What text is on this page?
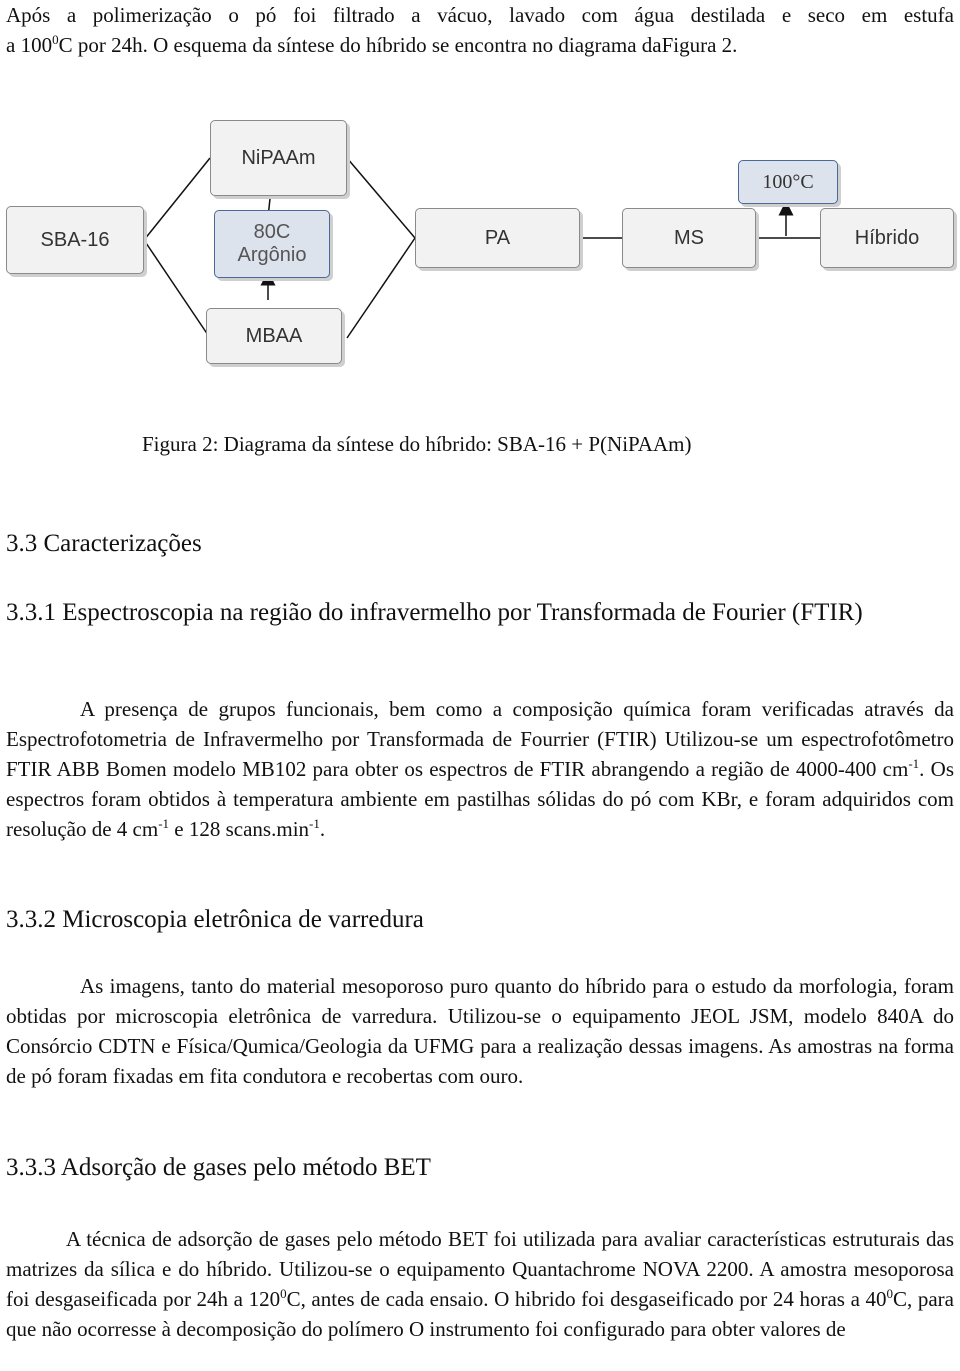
Após a polimerização o pó foi filtrado a vácuo, lavado com água destilada e seco em estufa

a $100^0C$ por 24h. O esquema da síntese do híbrido se encontra no diagrama daFigura 2.

SBA-16
NiPAAm
80C
Argônio
MBAA
PA	MS
100°C
Híbrido
Figura 2: Diagrama da síntese do híbrido: SBA-16 + P(NiPAAm)
3.3 Caracterizações
3.3.1 Espectroscopia na região do infravermelho por Transformada de Fourier (FTIR)

A presença de grupos funcionais, bem como a composição química foram verificadas através da Espectrofotometria de Infravermelho por Transformada de Fourrier (FTIR) Utilizou-se um espectrofotômetro FTIR ABB Bomen modelo MB102 para obter os espectros de FTIR abrangendo a região de 4000-400 $cm^{-1}$. Os espectros foram obtidos à temperatura ambiente em pastilhas sólidas do pó com KBr, e foram adquiridos com resolução de 4 $cm^{-1}$ e 128 $scans.\min^{-1}$.

3.3.2 Microscopia eletrônica de varredura

As imagens, tanto do material mesoporoso puro quanto do híbrido para o estudo da morfologia, foram obtidas por microscopia eletrônica de varredura. Utilizou-se o equipamento JEOL JSM, modelo 840A do Consórcio CDTN e Física/Qumica/Geologia da UFMG para a realização dessas imagens. As amostras na forma de pó foram fixadas em fita condutora e recobertas com ouro.

3.3.3 Adsorção de gases pelo método BET

A técnica de adsorção de gases pelo método BET foi utilizada para avaliar características estruturais das matrizes da sílica e do híbrido. Utilizou-se o equipamento Quantachrome NOVA 2200. A amostra mesoporosa foi desgaseificada por 24h a $120^0C$, antes de cada ensaio. O hibrido foi desgaseificado por 24 horas a $40^0C$, para que não ocorresse à decomposição do polímero O instrumento foi configurado para obter valores de
